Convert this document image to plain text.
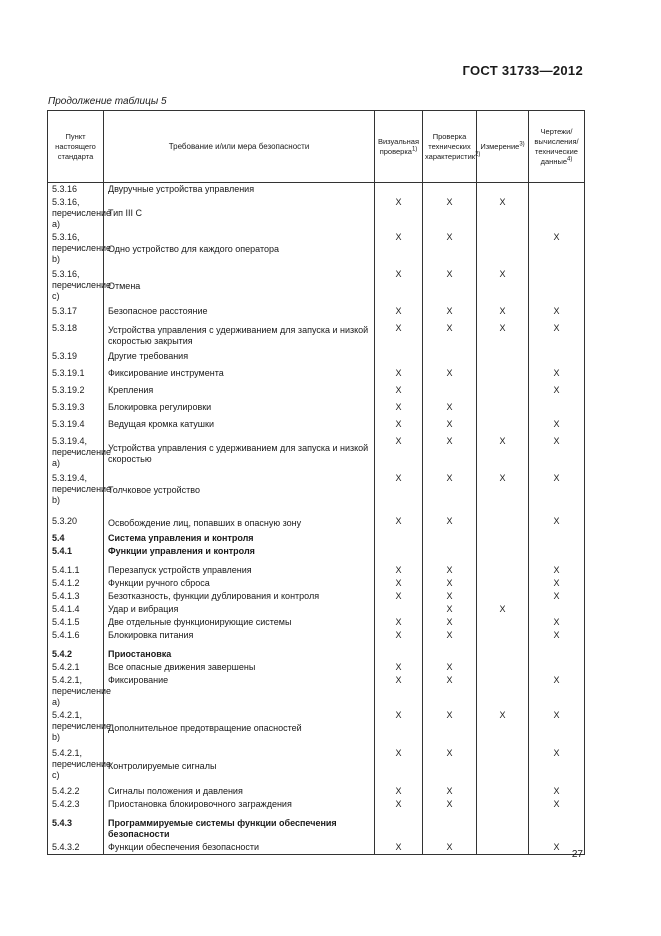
ГОСТ 31733—2012
Продолжение таблицы 5
Пункт настоящего стандарта	Требование и/или мера безопасности	Визуальная проверка$^{1)}$	Проверка технических характеристик$^{2)}$	Измерение$^{3)}$	Чертежи/вычисления/технические данные$^{4)}$
5.3.16	Двуручные устройства управления				
5.3.16, перечисление a)	Тип III C	X	X	X	
5.3.16, перечисление b)	Одно устройство для каждого оператора	X	X		X
5.3.16, перечисление c)	Отмена	X	X	X	
5.3.17	Безопасное расстояние	X	X	X	X
5.3.18	Устройства управления с удерживанием для запуска и низкой скоростью закрытия	X	X	X	X
5.3.19	Другие требования				
5.3.19.1	Фиксирование инструмента	X	X		X
5.3.19.2	Крепления	X			X
5.3.19.3	Блокировка регулировки	X	X		
5.3.19.4	Ведущая кромка катушки	X	X		X
5.3.19.4, перечисление a)	Устройства управления с удерживанием для запуска и низкой скоростью	X	X	X	X
5.3.19.4, перечисление b)	Толчковое устройство	X	X	X	X

5.3.20	Освобождение лиц, попавших в опасную зону	X	X		X
5.4	Система управления и контроля				
5.4.1	Функции управления и контроля				

5.4.1.1	Перезапуск устройств управления	X	X		X
5.4.1.2	Функции ручного сброса	X	X		X
5.4.1.3	Безотказность, функции дублирования и контроля	X	X		X
5.4.1.4	Удар и вибрация		X	X	
5.4.1.5	Две отдельные функционирующие системы	X	X		X
5.4.1.6	Блокировка питания	X	X		X

5.4.2	Приостановка				
5.4.2.1	Все опасные движения завершены	X	X		
5.4.2.1, перечисление a)	Фиксирование	X	X		X
5.4.2.1, перечисление b)	Дополнительное предотвращение опасностей	X	X	X	X
5.4.2.1, перечисление c)	Контролируемые сигналы	X	X		X
5.4.2.2	Сигналы положения и давления	X	X		X
5.4.2.3	Приостановка блокировочного заграждения	X	X		X

5.4.3	Программируемые системы функции обеспечения безопасности				
5.4.3.2	Функции обеспечения безопасности	X	X		X
27
